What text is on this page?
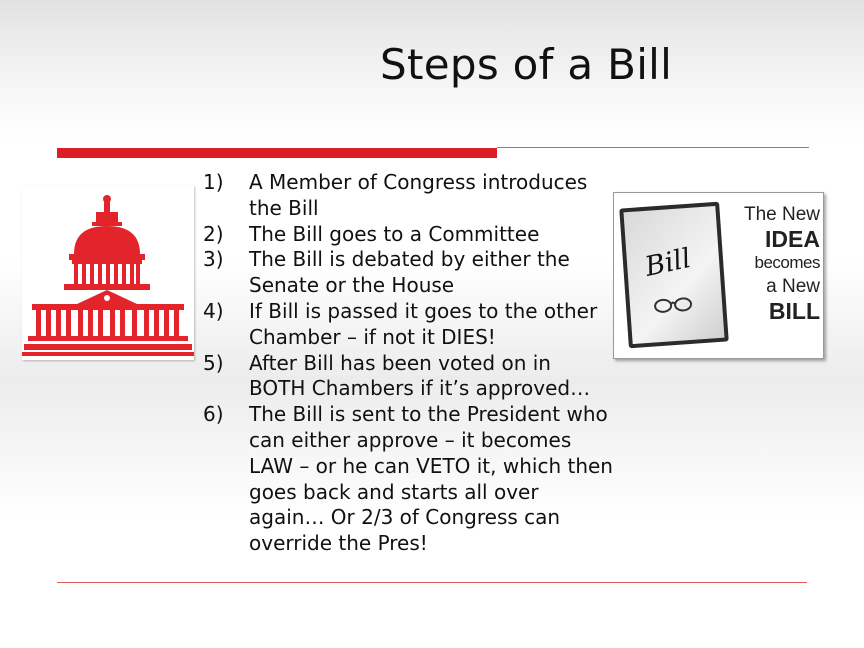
Steps of a Bill
1) A Member of Congress introduces the Bill
2) The Bill goes to a Committee
3) The Bill is debated by either the Senate or the House
4) If Bill is passed it goes to the other Chamber – if not it DIES!
5) After Bill has been voted on in BOTH Chambers if it’s approved…
6) The Bill is sent to the President who can either approve – it becomes LAW – or he can VETO it, which then goes back and starts all over again… Or 2/3 of Congress can override the Pres!
Bill
The New
IDEA
becomes
a New
BILL
